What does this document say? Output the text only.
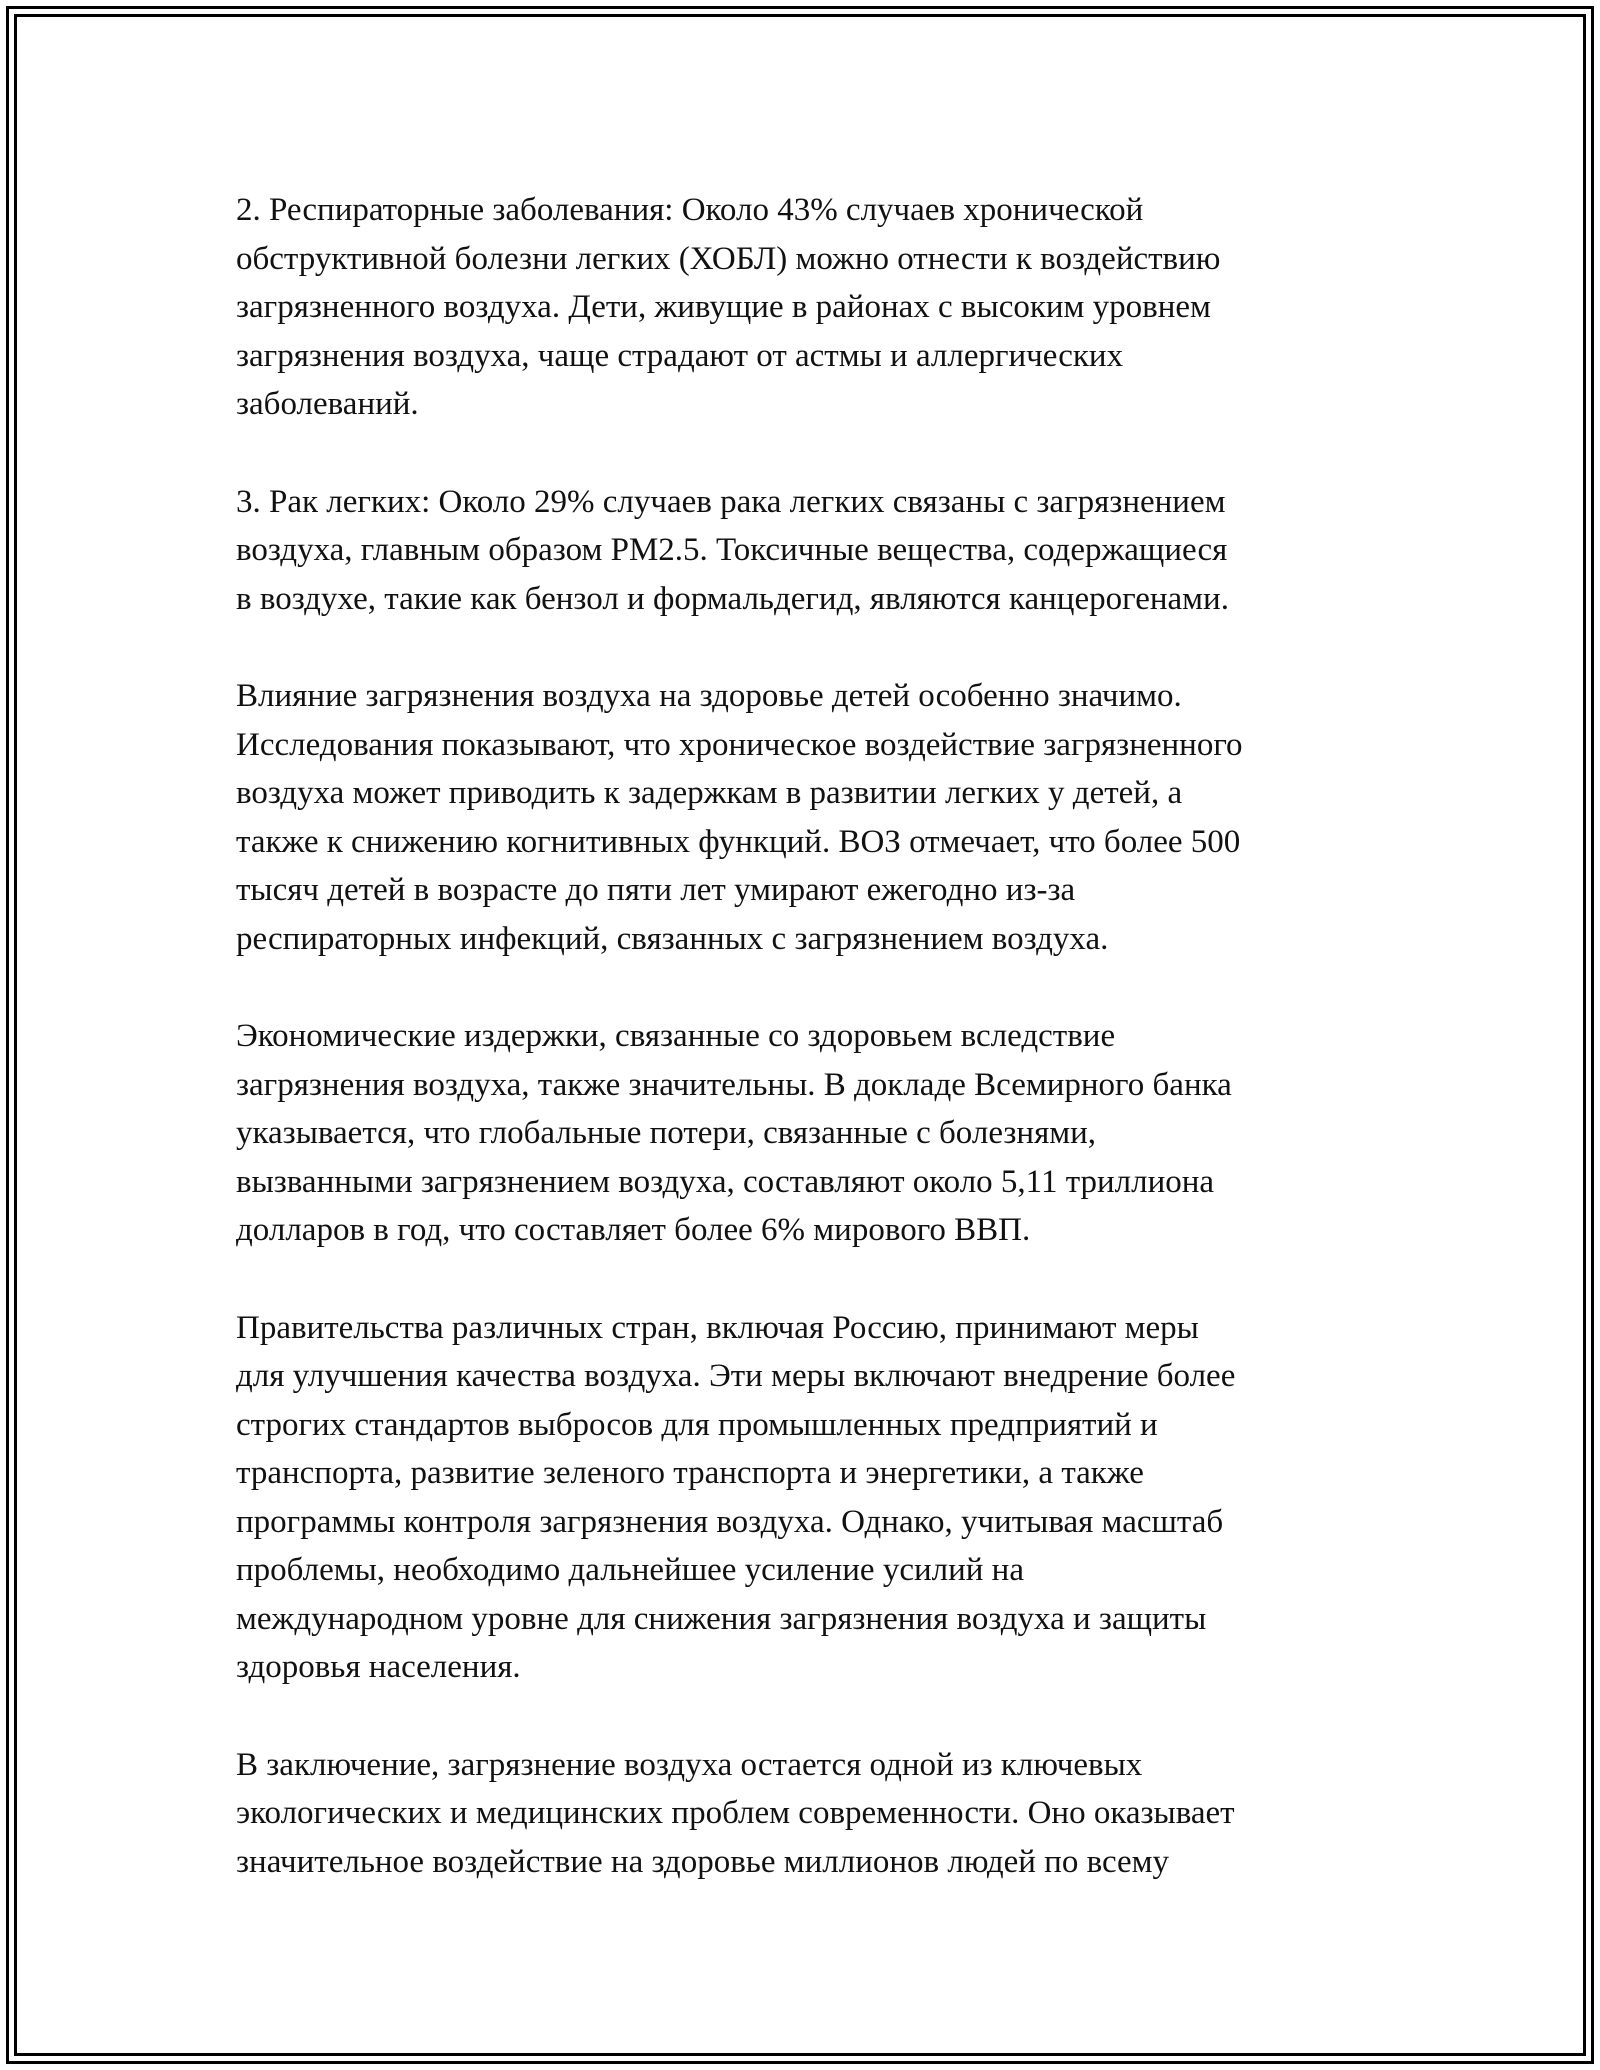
2. Респираторные заболевания: Около 43% случаев хронической
обструктивной болезни легких (ХОБЛ) можно отнести к воздействию
загрязненного воздуха. Дети, живущие в районах с высоким уровнем
загрязнения воздуха, чаще страдают от астмы и аллергических
заболеваний.

3. Рак легких: Около 29% случаев рака легких связаны с загрязнением
воздуха, главным образом PM2.5. Токсичные вещества, содержащиеся
в воздухе, такие как бензол и формальдегид, являются канцерогенами.

Влияние загрязнения воздуха на здоровье детей особенно значимо.
Исследования показывают, что хроническое воздействие загрязненного
воздуха может приводить к задержкам в развитии легких у детей, а
также к снижению когнитивных функций. ВОЗ отмечает, что более 500
тысяч детей в возрасте до пяти лет умирают ежегодно из-за
респираторных инфекций, связанных с загрязнением воздуха.

Экономические издержки, связанные со здоровьем вследствие
загрязнения воздуха, также значительны. В докладе Всемирного банка
указывается, что глобальные потери, связанные с болезнями,
вызванными загрязнением воздуха, составляют около 5,11 триллиона
долларов в год, что составляет более 6% мирового ВВП.

Правительства различных стран, включая Россию, принимают меры
для улучшения качества воздуха. Эти меры включают внедрение более
строгих стандартов выбросов для промышленных предприятий и
транспорта, развитие зеленого транспорта и энергетики, а также
программы контроля загрязнения воздуха. Однако, учитывая масштаб
проблемы, необходимо дальнейшее усиление усилий на
международном уровне для снижения загрязнения воздуха и защиты
здоровья населения.

В заключение, загрязнение воздуха остается одной из ключевых
экологических и медицинских проблем современности. Оно оказывает
значительное воздействие на здоровье миллионов людей по всему
